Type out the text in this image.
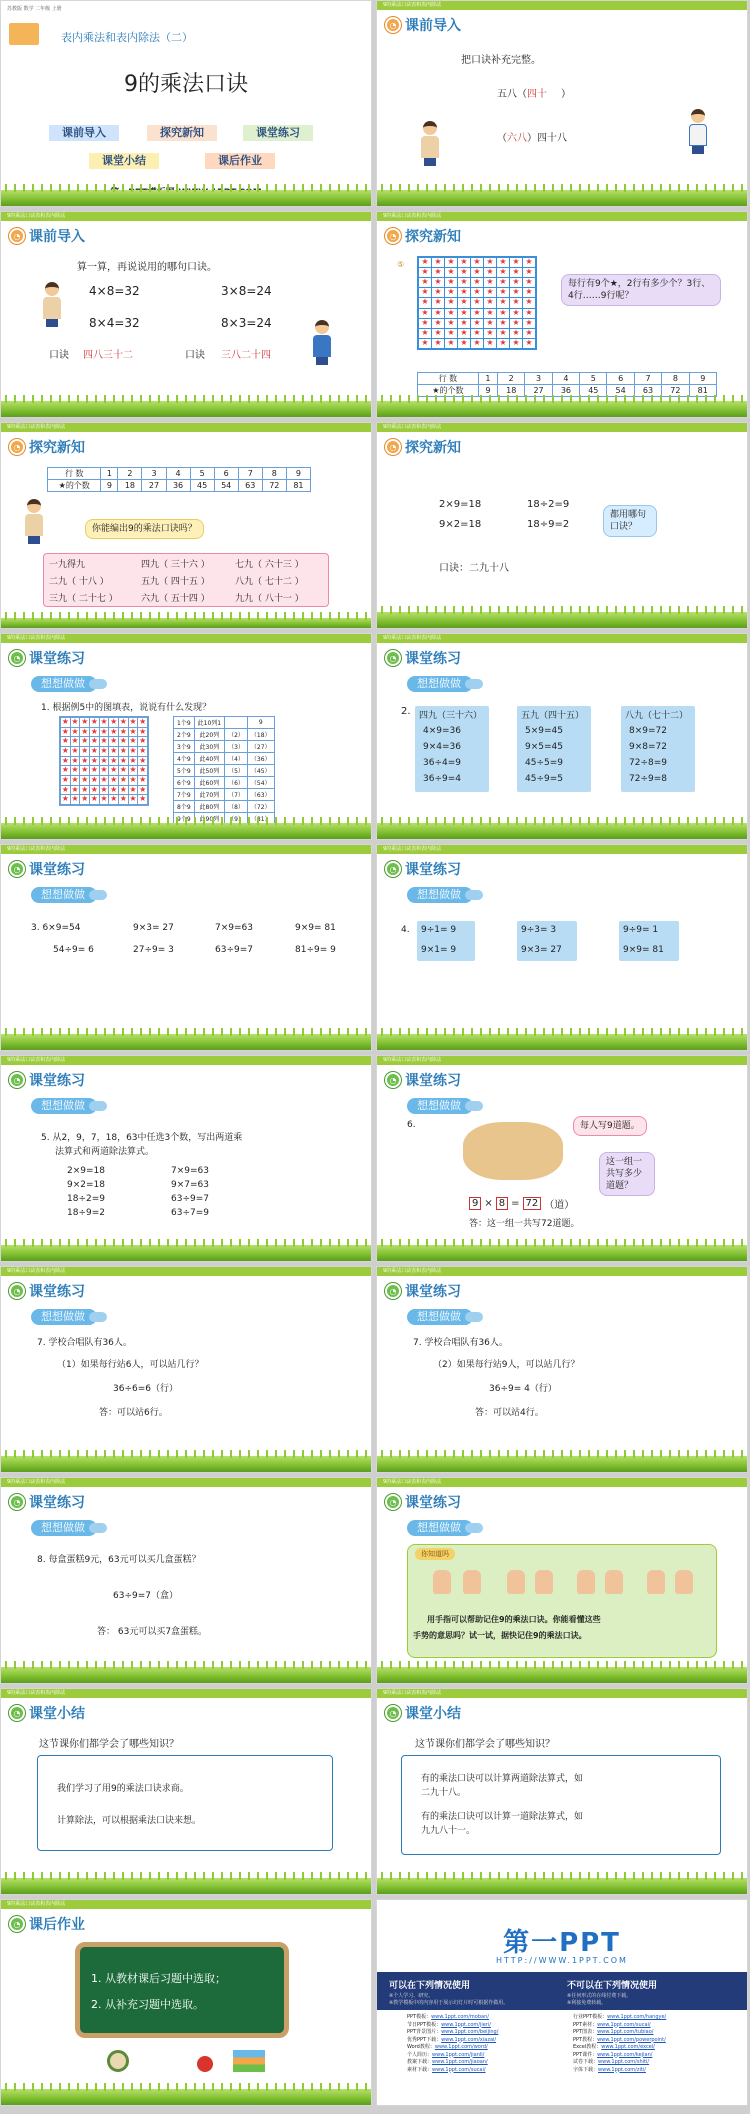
苏教版 数学 二年级 上册
表内乘法和表内除法（二）
9的乘法口诀
课前导入	探究新知	课堂练习
课堂小结	课后作业
9的乘法口诀表和表内除法
◔ 课前导入
把口诀补充完整。
五八（四十 ）
（六八）四十八
9的乘法口诀表和表内除法
◔ 课前导入
算一算，再说说用的哪句口诀。
4×8=32	3×8=24
8×4=32	8×3=24
口诀 四八三十二	口诀 三八二十四
9的乘法口诀表和表内除法
◔ 探究新知
⑤	★ ★ ★ ★ ★ ★ ★ ★ ★
★ ★ ★ ★ ★ ★ ★ ★ ★
★ ★ ★ ★ ★ ★ ★ ★ ★
★ ★ ★ ★ ★ ★ ★ ★ ★
★ ★ ★ ★ ★ ★ ★ ★ ★
★ ★ ★ ★ ★ ★ ★ ★ ★
★ ★ ★ ★ ★ ★ ★ ★ ★
★ ★ ★ ★ ★ ★ ★ ★ ★
★ ★ ★ ★ ★ ★ ★ ★ ★
每行有9个★，2行有多少个？3行、4行……9行呢？
行 数	1	2	3	4	5	6	7	8	9
★的个数	9	18	27	36	45	54	63	72	81
9的乘法口诀表和表内除法
◔ 探究新知
行 数	1	2	3	4	5	6	7	8	9
★的个数	9	18	27	36	45	54	63	72	81
你能编出9的乘法口诀吗？
一九得九	四九（ 三十六 ）	七九（ 六十三 ）
二九（ 十八 ）	五九（ 四十五 ）	八九（ 七十二 ）
三九（ 二十七 ）	六九（ 五十四 ）	九九（ 八十一 ）
9的乘法口诀表和表内除法
◔ 探究新知
2×9=18	18÷2=9
9×2=18	18÷9=2
都用哪句口诀？
口诀：二九十八
9的乘法口诀表和表内除法
◔ 课堂练习
想想做做
1. 根据例5中的图填表，说说有什么发现？
★ ★ ★ ★ ★ ★ ★ ★ ★
★ ★ ★ ★ ★ ★ ★ ★ ★
★ ★ ★ ★ ★ ★ ★ ★ ★
★ ★ ★ ★ ★ ★ ★ ★ ★
★ ★ ★ ★ ★ ★ ★ ★ ★
★ ★ ★ ★ ★ ★ ★ ★ ★
★ ★ ★ ★ ★ ★ ★ ★ ★
★ ★ ★ ★ ★ ★ ★ ★ ★
★ ★ ★ ★ ★ ★ ★ ★ ★
1个9	此10列1		9
2个9	此20列	（2）	（18）
3个9	此30列	（3）	（27）
4个9	此40列	（4）	（36）
5个9	此50列	（5）	（45）
6个9	此60列	（6）	（54）
7个9	此70列	（7）	（63）
8个9	此80列	（8）	（72）

9的乘法口诀表和表内除法
◔ 课堂练习
想想做做
2. 四九（三十六）
4×9=36
9×4=36
36÷4=9
36÷9=4
五九（四十五）
5×9=45
9×5=45
45÷5=9
45÷9=5
八九（七十二）
8×9=72
9×8=72
72÷8=9
72÷9=8
9的乘法口诀表和表内除法
◔ 课堂练习
想想做做
3. 6×9=54	9×3= 27	7×9=63	9×9= 81
54÷9= 6	27÷9= 3	63÷9=7	81÷9= 9
9的乘法口诀表和表内除法
◔ 课堂练习
想想做做
4. 9÷1= 9	9÷3= 3	9÷9= 1
9×1= 9	9×3= 27	9×9= 81
9的乘法口诀表和表内除法
◔ 课堂练习
想想做做
5. 从2，9，7，18，63中任选3个数，写出两道乘
法算式和两道除法算式。
2×9=18	7×9=63
9×2=18	9×7=63
18÷2=9	63÷9=7
18÷9=2	63÷7=9
9的乘法口诀表和表内除法
◔ 课堂练习
想想做做
6.	每人写9道题。
这一组一共写多少道题？
9 × 8 = 72 （道）
答：这一组一共写72道题。
9的乘法口诀表和表内除法
◔ 课堂练习
想想做做
7. 学校合唱队有36人。
（1）如果每行站6人，可以站几行？
36÷6=6（行）
答：可以站6行。
9的乘法口诀表和表内除法
◔ 课堂练习
想想做做
7. 学校合唱队有36人。
（2）如果每行站9人，可以站几行？
36÷9= 4（行）
答：可以站4行。
9的乘法口诀表和表内除法
◔ 课堂练习
想想做做
8. 每盒蛋糕9元，63元可以买几盒蛋糕？
63÷9=7（盒）
答： 63元可以买7盒蛋糕。
9的乘法口诀表和表内除法
◔ 课堂练习
想想做做
你知道吗
用手指可以帮助记住9的乘法口诀。你能看懂这些
手势的意思吗？试一试，据快记住9的乘法口诀。
9的乘法口诀表和表内除法
◔ 课堂小结
这节课你们都学会了哪些知识？
我们学习了用9的乘法口诀求商。
计算除法，可以根据乘法口诀来想。
9的乘法口诀表和表内除法
◔ 课堂小结
这节课你们都学会了哪些知识？
有的乘法口诀可以计算两道除法算式，如
二九十八。
有的乘法口诀可以计算一道除法算式，如
九九八十一。
9的乘法口诀表和表内除法
◔ 课后作业
1. 从教材课后习题中选取；
2. 从补充习题中选取。
第一PPT
HTTP://WWW.1PPT.COM
可以在下列情况使用	不可以在下列情况使用
※个人学习、研究。	※任何形式的在线付费下载。
※教学模板中的内容用于展示幻灯片时可根据作做用。	※利接免费转载。
PPT模板：www.1ppt.com/moban/
节日PPT模板：www.1ppt.com/jieri/
PPT背景图片：www.1ppt.com/beijing/
优秀PPT下载：www.1ppt.com/xiazai/
Word教程：www.1ppt.com/word/
个人简历：www.1ppt.com/jianli/
教案下载：www.1ppt.com/jiaoan/
素材下载：www.1ppt.com/sucai/
行业PPT模板：www.1ppt.com/hangye/
PPT素材：www.1ppt.com/sucai/
PPT图表：www.1ppt.com/tubiao/
PPT教程：www.1ppt.com/powerpoint/
Excel教程：www.1ppt.com/excel/
PPT课件：www.1ppt.com/kejian/
试卷下载：www.1ppt.com/shiti/
字体下载：www.1ppt.com/ziti/
